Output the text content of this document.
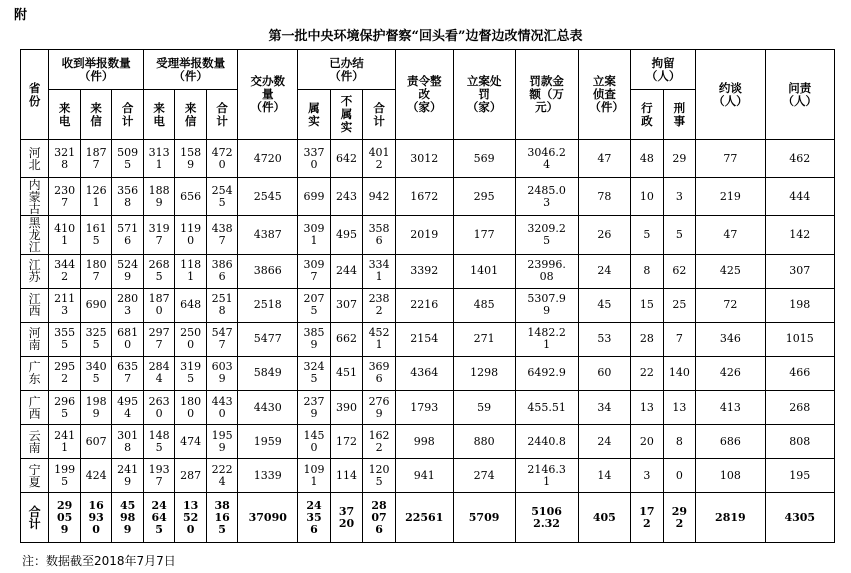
附
第一批中央环境保护督察“回头看”边督边改情况汇总表
省份	收到举报数量（件）			受理举报数量（件）			交办数量（件）	已办结（件）			责令整改（家）	立案处罚（家）	罚款金额（万元）	立案侦查（件）	拘留（人）		约谈（人）	问责（人）
	来电	来信	合计	来电	来信	合计		属实	不属实	合计					行政	刑事		
河北	3218	1877	5095	3131	1589	4720	4720	3370	642	4012	3012	569	3046.24	47	48	29	77	462
内蒙古	2307	1261	3568	1889	656	2545	2545	699	243	942	1672	295	2485.03	78	10	3	219	444
黑龙江	4101	1615	5716	3197	1190	4387	4387	3091	495	3586	2019	177	3209.25	26	5	5	47	142
江苏	3442	1807	5249	2685	1181	3866	3866	3097	244	3341	3392	1401	23996.08	24	8	62	425	307
江西	2113	690	2803	1870	648	2518	2518	2075	307	2382	2216	485	5307.99	45	15	25	72	198
河南	3555	3255	6810	2977	2500	5477	5477	3859	662	4521	2154	271	1482.21	53	28	7	346	1015
广东	2952	3405	6357	2844	3195	6039	5849	3245	451	3696	4364	1298	6492.9	60	22	140	426	466
广西	2965	1989	4954	2630	1800	4430	4430	2379	390	2769	1793	59	455.51	34	13	13	413	268
云南	2411	607	3018	1485	474	1959	1959	1450	172	1622	998	880	2440.8	24	20	8	686	808
宁夏	1995	424	2419	1937	287	2224	1339	1091	114	1205	941	274	2146.31	14	3	0	108	195
合计	29059	16930	45989	24645	13520	38165	37090	24356	3720	28076	22561	5709	51062.32	405	172	292	2819	4305
注：数据截至2018年7月7日
